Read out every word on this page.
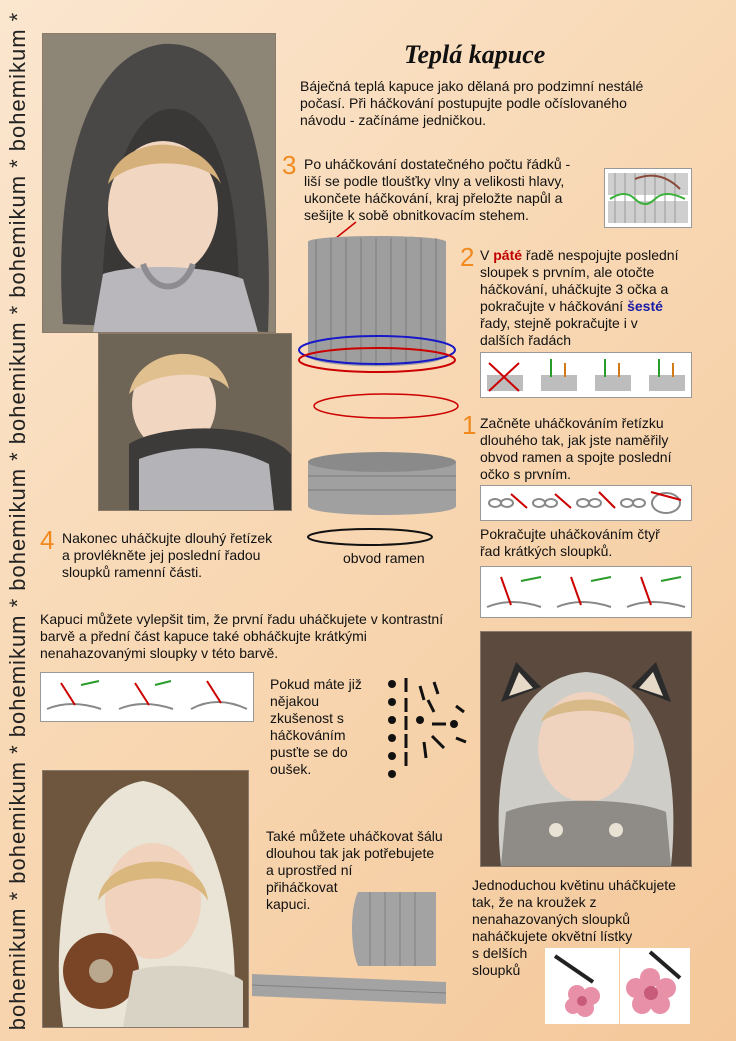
bohemikum * bohemikum * bohemikum * bohemikum * bohemikum * bohemikum * bohemikum *	Teplá kapuce
Báječná teplá kapuce jako dělaná pro podzimní nestálé
počasí. Při háčkování postupujte podle očíslovaného
návodu - začínáme jedničkou.
3 Po uháčkování dostatečného počtu řádků -
liší se podle tloušťky vlny a velikosti hlavy,
ukončete háčkování, kraj přeložte napůl a
sešijte k sobě obnitkovacím stehem.
2 V páté řadě nespojujte poslední
sloupek s prvním, ale otočte
háčkování, uháčkujte 3 očka a
pokračujte v háčkování šesté
řady, stejně pokračujte i v
dalších řadách
1 Začněte uháčkováním řetízku
dlouhého tak, jak jste naměřily
obvod ramen a spojte poslední
očko s prvním.
Pokračujte uháčkováním čtyř
řad krátkých sloupků.
obvod ramen
4 Nakonec uháčkujte dlouhý řetízek
a provlékněte jej poslední řadou
sloupků ramenní části.
Kapuci můžete vylepšit tim, že první řadu uháčkujete v kontrastní
barvě a přední část kapuce také obháčkujte krátkými
nenahazovanými sloupky v této barvě.
Pokud máte již
nějakou
zkušenost s
háčkováním
pusťte se do
oušek.
Také můžete uháčkovat šálu
dlouhou tak jak potřebujete
a uprostřed ní
přiháčkovat
kapuci.
Jednoduchou květinu uháčkujete
tak, že na kroužek z
nenahazovaných sloupků
naháčkujete okvětní lístky
s delších
sloupků
